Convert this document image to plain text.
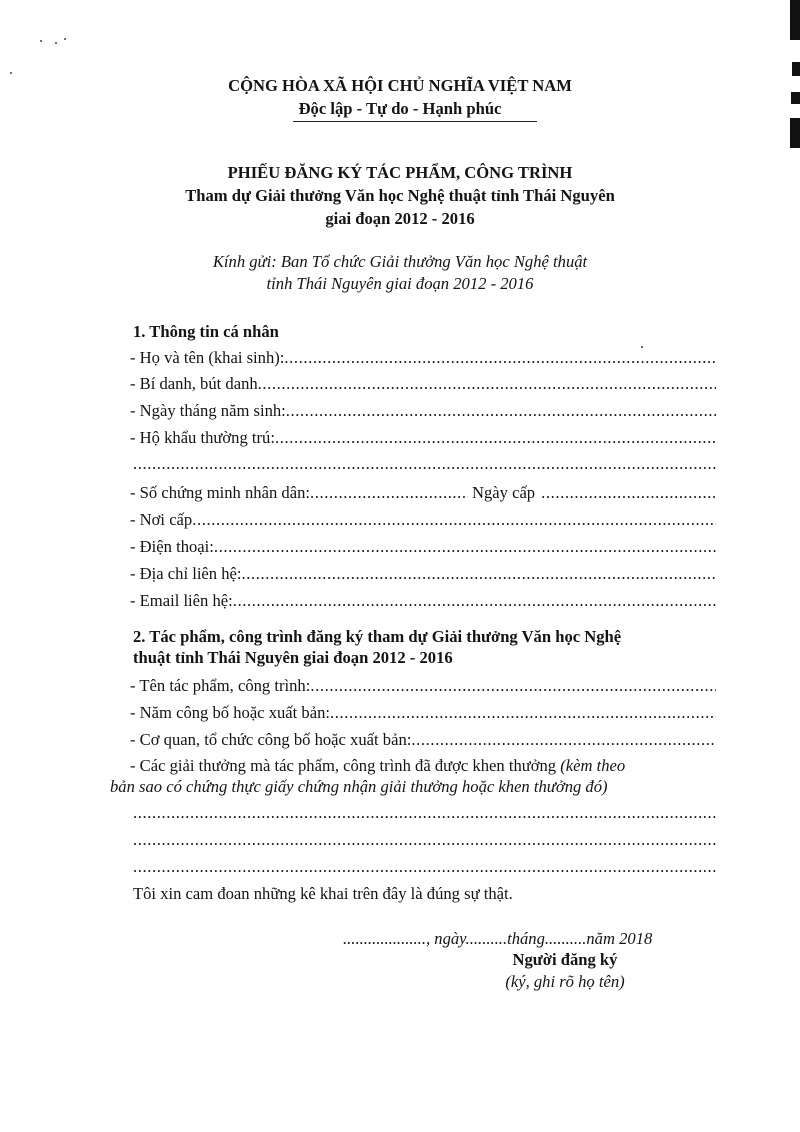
CỘNG HÒA XÃ HỘI CHỦ NGHĨA VIỆT NAM
Độc lập - Tự do - Hạnh phúc
PHIẾU ĐĂNG KÝ TÁC PHẨM, CÔNG TRÌNH
Tham dự Giải thưởng Văn học Nghệ thuật tỉnh Thái Nguyên
giai đoạn 2012 - 2016
Kính gửi: Ban Tổ chức Giải thưởng Văn học Nghệ thuật
tỉnh Thái Nguyên giai đoạn 2012 - 2016
1. Thông tin cá nhân
- Họ và tên (khai sinh):
.....
- Bí danh, bút danh
.....
- Ngày tháng năm sinh:
.....
- Hộ khẩu thường trú:
.....
.....
- Số chứng minh nhân dân:
.....	Ngày cấp
.....
- Nơi cấp
.....
- Điện thoại:
.....
- Địa chỉ liên hệ:
.....
- Email liên hệ:
.....
2. Tác phẩm, công trình đăng ký tham dự Giải thưởng Văn học Nghệ
thuật tỉnh Thái Nguyên giai đoạn 2012 - 2016
- Tên tác phẩm, công trình:
.....
- Năm công bố hoặc xuất bản:
.....
- Cơ quan, tổ chức công bố hoặc xuất bản:
.....
- Các giải thưởng mà tác phẩm, công trình đã được khen thưởng (kèm theo
bản sao có chứng thực giấy chứng nhận giải thưởng hoặc khen thưởng đó)
.....
.....
.....
Tôi xin cam đoan những kê khai trên đây là đúng sự thật.
...................., ngày..........tháng..........năm 2018
Người đăng ký
(ký, ghi rõ họ tên)
